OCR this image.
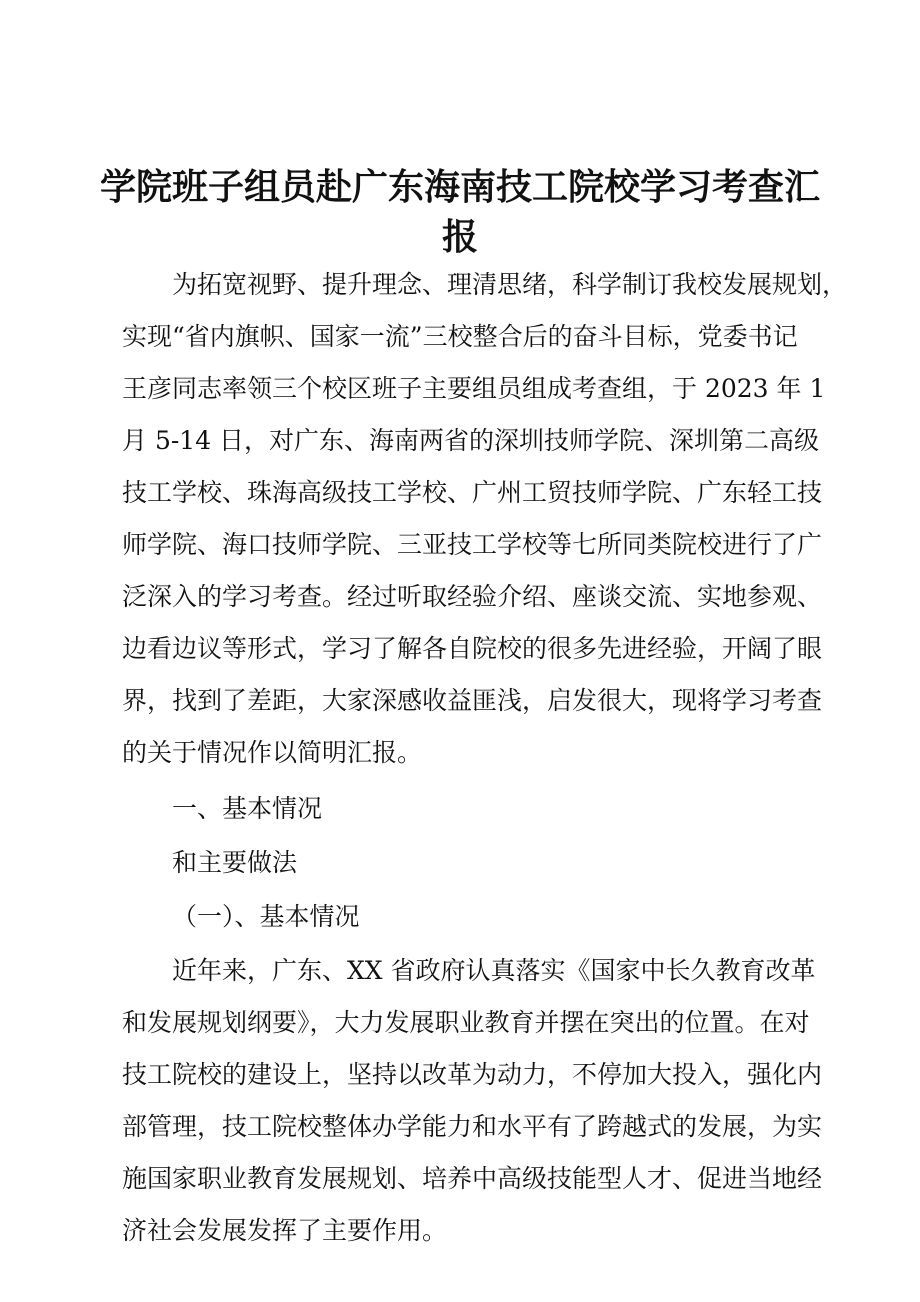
学院班子组员赴广东海南技工院校学习考查汇
报

为拓宽视野、提升理念、理清思绪，科学制订我校发展规划，

实现“省内旗帜、国家一流”三校整合后的奋斗目标，党委书记

王彦同志率领三个校区班子主要组员组成考查组，于 2023 年 1

月 5-14 日，对广东、海南两省的深圳技师学院、深圳第二高级

技工学校、珠海高级技工学校、广州工贸技师学院、广东轻工技

师学院、海口技师学院、三亚技工学校等七所同类院校进行了广

泛深入的学习考查。经过听取经验介绍、座谈交流、实地参观、

边看边议等形式，学习了解各自院校的很多先进经验，开阔了眼

界，找到了差距，大家深感收益匪浅，启发很大，现将学习考查

的关于情况作以简明汇报。

一、基本情况

和主要做法

（一）、基本情况

近年来，广东、XX 省政府认真落实《国家中长久教育改革

和发展规划纲要》，大力发展职业教育并摆在突出的位置。在对

技工院校的建设上，坚持以改革为动力，不停加大投入，强化内

部管理，技工院校整体办学能力和水平有了跨越式的发展，为实

施国家职业教育发展规划、培养中高级技能型人才、促进当地经

济社会发展发挥了主要作用。
